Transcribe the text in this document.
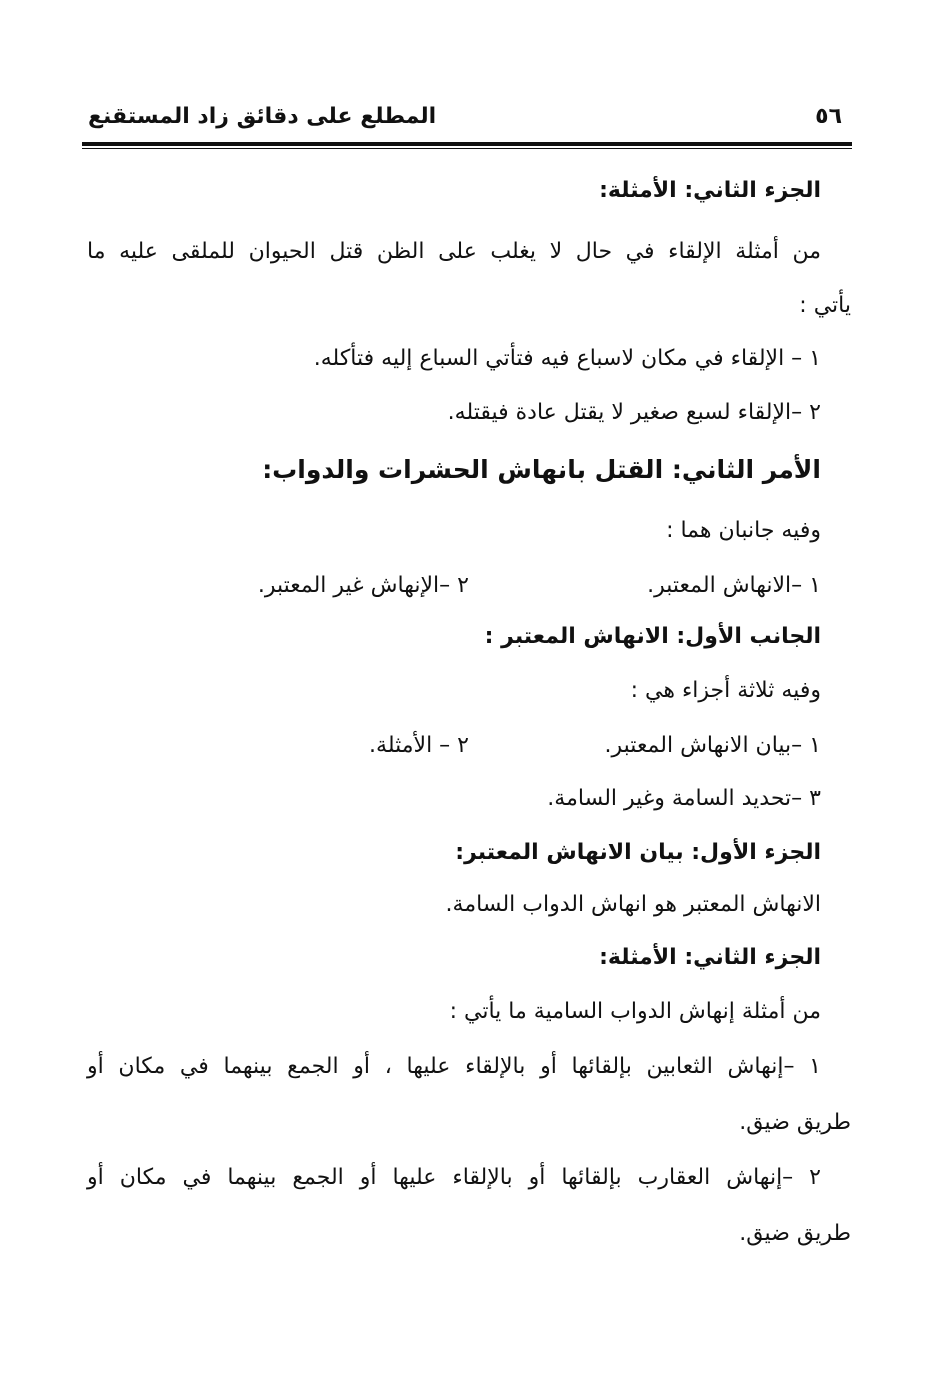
٥٦
المطلع على دقائق زاد المستقنع
الجزء الثاني: الأمثلة:
من أمثلة الإلقاء في حال لا يغلب على الظن قتل الحيوان للملقى عليه ما
يأتي :
١ – الإلقاء في مكان لاسباع فيه فتأتي السباع إليه فتأكله.
٢ –الإلقاء لسبع صغير لا يقتل عادة فيقتله.
الأمر الثاني: القتل بانهاش الحشرات والدواب:
وفيه جانبان هما :
١ –الانهاش المعتبر.
٢ –الإنهاش غير المعتبر.
الجانب الأول: الانهاش المعتبر :
وفيه ثلاثة أجزاء هي :
١ –بيان الانهاش المعتبر.
٢ – الأمثلة.
٣ –تحديد السامة وغير السامة.
الجزء الأول: بيان الانهاش المعتبر:
الانهاش المعتبر هو انهاش الدواب السامة.
الجزء الثاني: الأمثلة:
من أمثلة إنهاش الدواب السامية ما يأتي :
١ –إنهاش الثعابين بإلقائها أو بالإلقاء عليها ، أو الجمع بينهما في مكان أو
طريق ضيق.
٢ –إنهاش العقارب بإلقائها أو بالإلقاء عليها أو الجمع بينهما في مكان أو
طريق ضيق.
